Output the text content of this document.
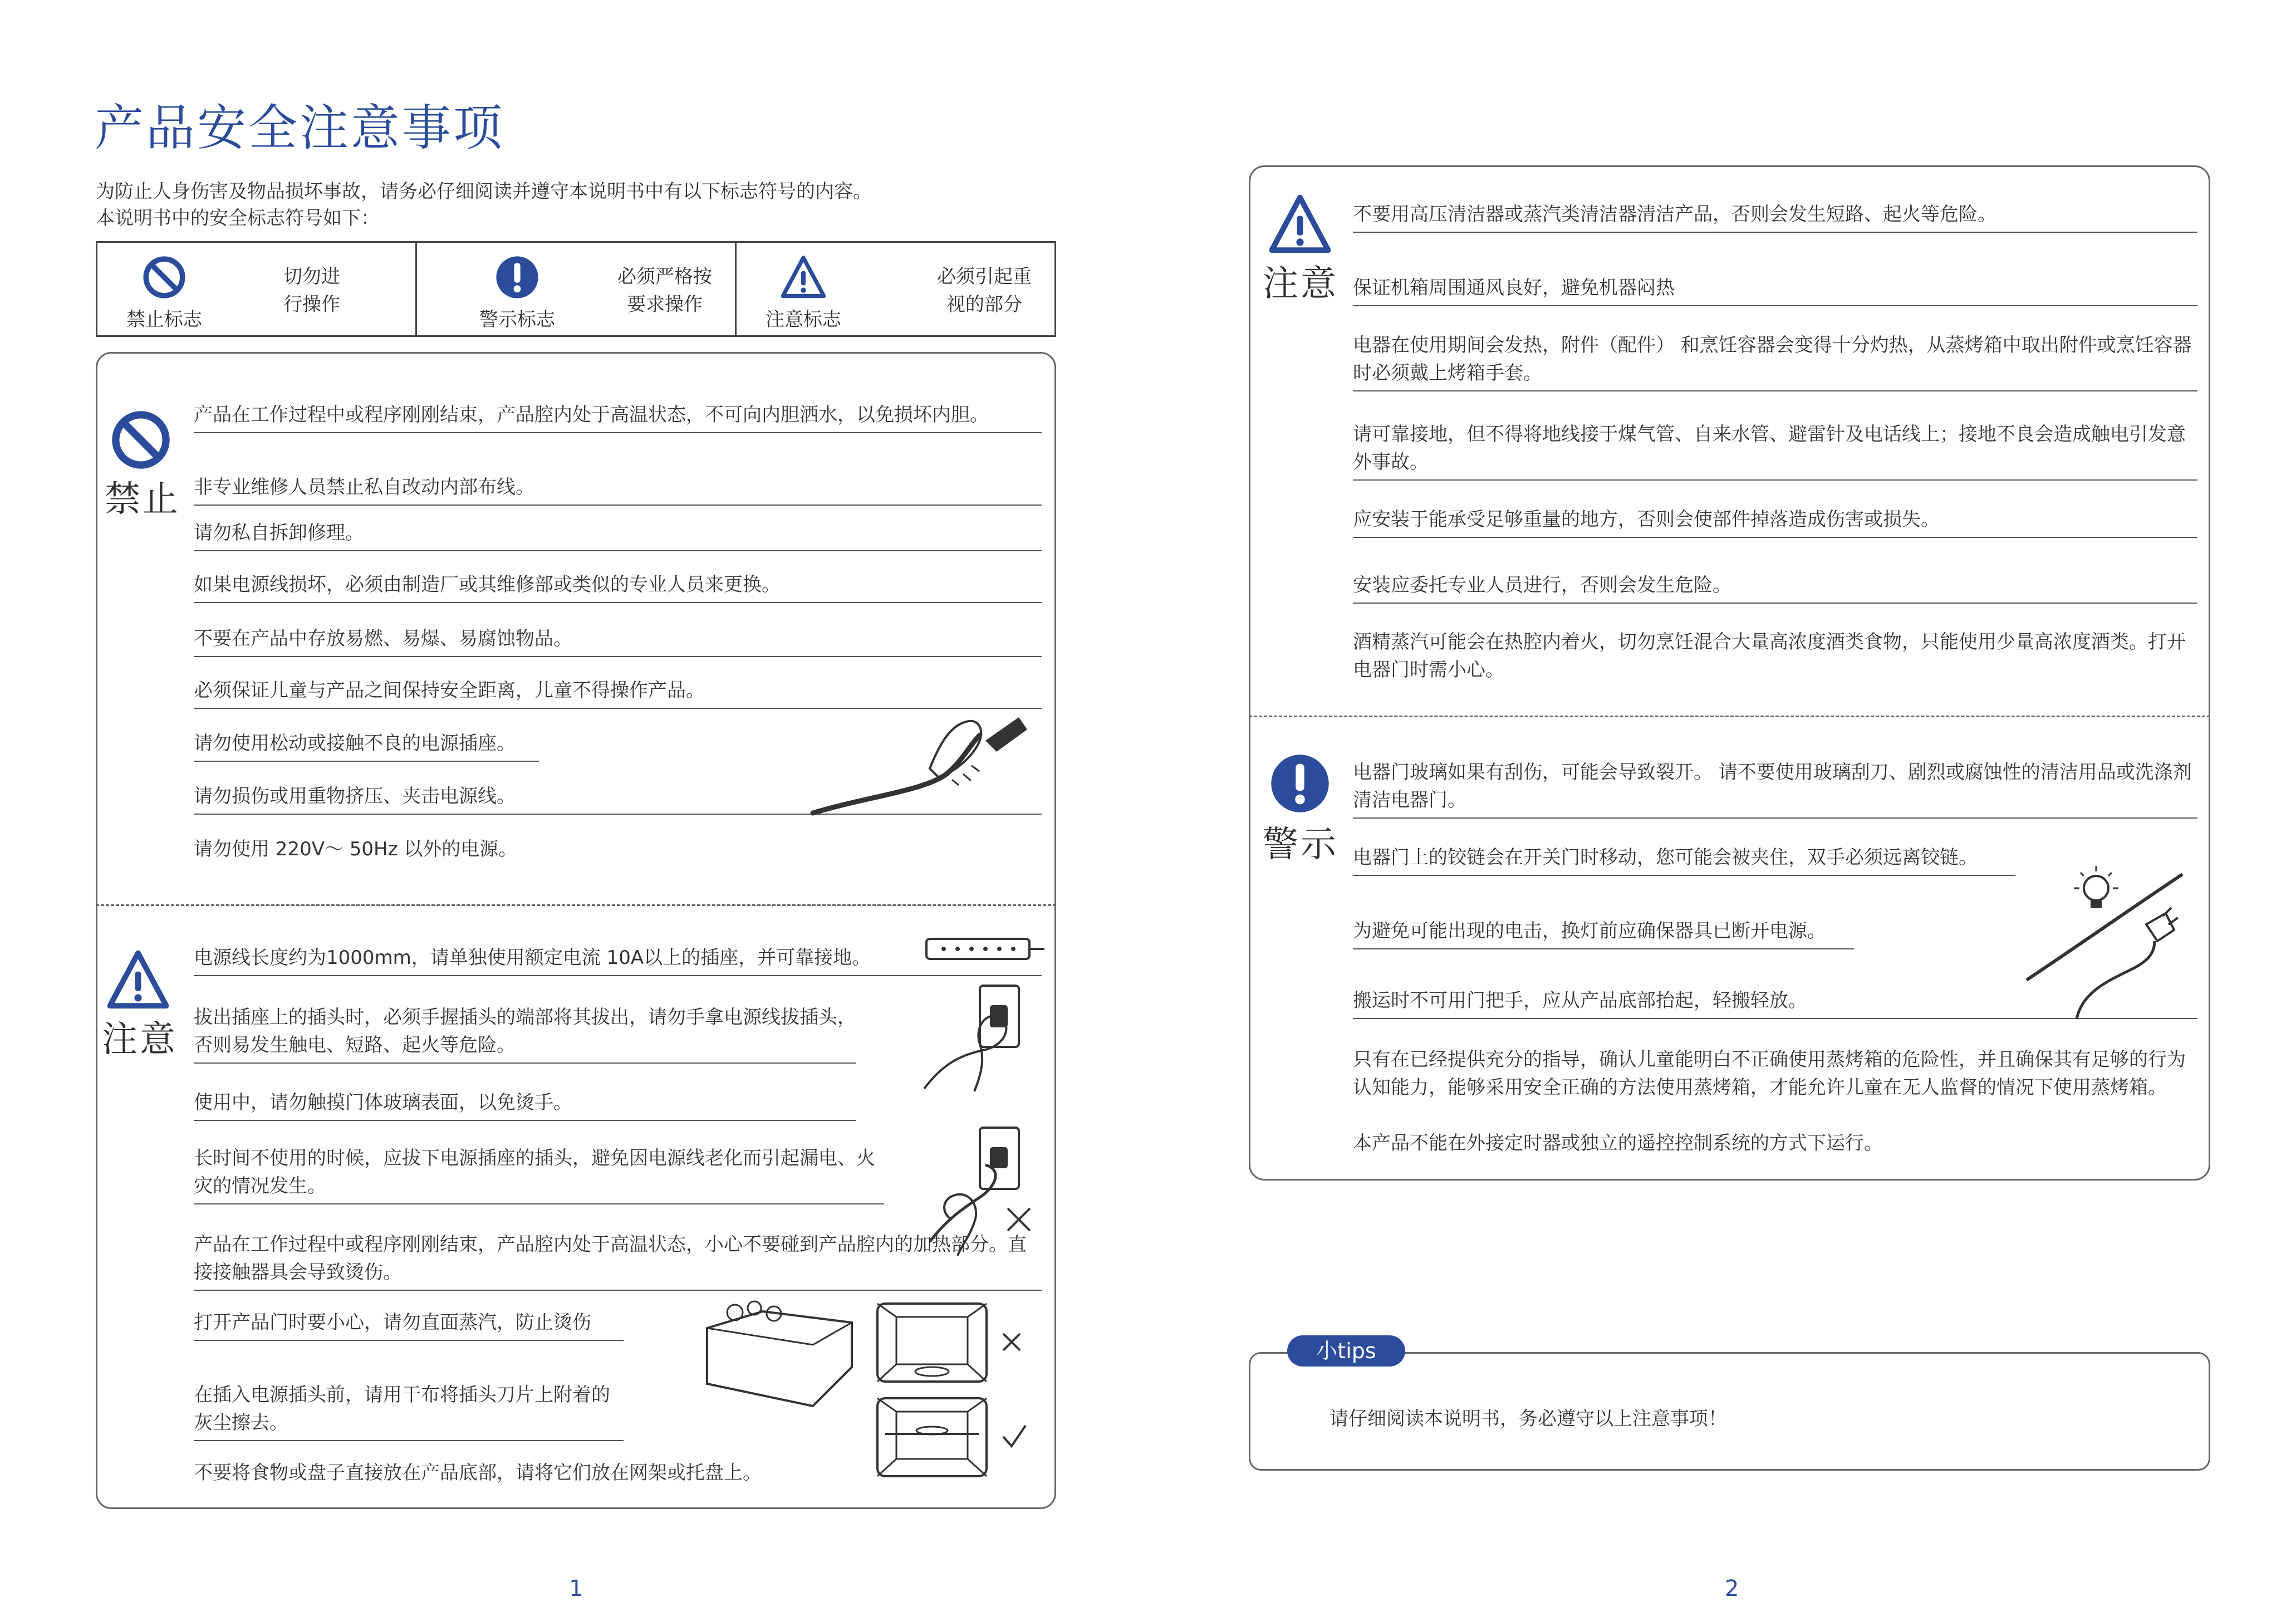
产品安全注意事项
为防止人身伤害及物品损坏事故，请务必仔细阅读并遵守本说明书中有以下标志符号的内容。
本说明书中的安全标志符号如下：
禁止标志
切勿进
行操作
警示标志
必须严格按
要求操作
注意标志
必须引起重
视的部分
禁止
产品在工作过程中或程序刚刚结束，产品腔内处于高温状态，不可向内胆洒水，以免损坏内胆。
非专业维修人员禁止私自改动内部布线。
请勿私自拆卸修理。
如果电源线损坏，必须由制造厂或其维修部或类似的专业人员来更换。
不要在产品中存放易燃、易爆、易腐蚀物品。
必须保证儿童与产品之间保持安全距离，儿童不得操作产品。
请勿使用松动或接触不良的电源插座。
请勿损伤或用重物挤压、夹击电源线。
请勿使用 220V～ 50Hz 以外的电源。
注意
电源线长度约为1000mm，请单独使用额定电流 10A以上的插座，并可靠接地。
拔出插座上的插头时，必须手握插头的端部将其拔出，请勿手拿电源线拔插头，否则易发生触电、短路、起火等危险。
使用中，请勿触摸门体玻璃表面，以免烫手。
长时间不使用的时候，应拔下电源插座的插头，避免因电源线老化而引起漏电、火灾的情况发生。
产品在工作过程中或程序刚刚结束，产品腔内处于高温状态，小心不要碰到产品腔内的加热部分。直接接触器具会导致烫伤。
打开产品门时要小心，请勿直面蒸汽，防止烫伤
在插入电源插头前，请用干布将插头刀片上附着的灰尘擦去。
不要将食物或盘子直接放在产品底部，请将它们放在网架或托盘上。
注意
不要用高压清洁器或蒸汽类清洁器清洁产品，否则会发生短路、起火等危险。
保证机箱周围通风良好，避免机器闷热
电器在使用期间会发热，附件（配件） 和烹饪容器会变得十分灼热，从蒸烤箱中取出附件或烹饪容器时必须戴上烤箱手套。
请可靠接地，但不得将地线接于煤气管、自来水管、避雷针及电话线上；接地不良会造成触电引发意外事故。
应安装于能承受足够重量的地方，否则会使部件掉落造成伤害或损失。
安装应委托专业人员进行，否则会发生危险。
酒精蒸汽可能会在热腔内着火，切勿烹饪混合大量高浓度酒类食物，只能使用少量高浓度酒类。打开电器门时需小心。
警示
电器门玻璃如果有刮伤，可能会导致裂开。 请不要使用玻璃刮刀、剧烈或腐蚀性的清洁用品或洗涤剂清洁电器门。
电器门上的铰链会在开关门时移动，您可能会被夹住，双手必须远离铰链。
为避免可能出现的电击，换灯前应确保器具已断开电源。
搬运时不可用门把手，应从产品底部抬起，轻搬轻放。
只有在已经提供充分的指导，确认儿童能明白不正确使用蒸烤箱的危险性，并且确保其有足够的行为认知能力，能够采用安全正确的方法使用蒸烤箱，才能允许儿童在无人监督的情况下使用蒸烤箱。
本产品不能在外接定时器或独立的遥控控制系统的方式下运行。
小tips
请仔细阅读本说明书，务必遵守以上注意事项！
1	2
